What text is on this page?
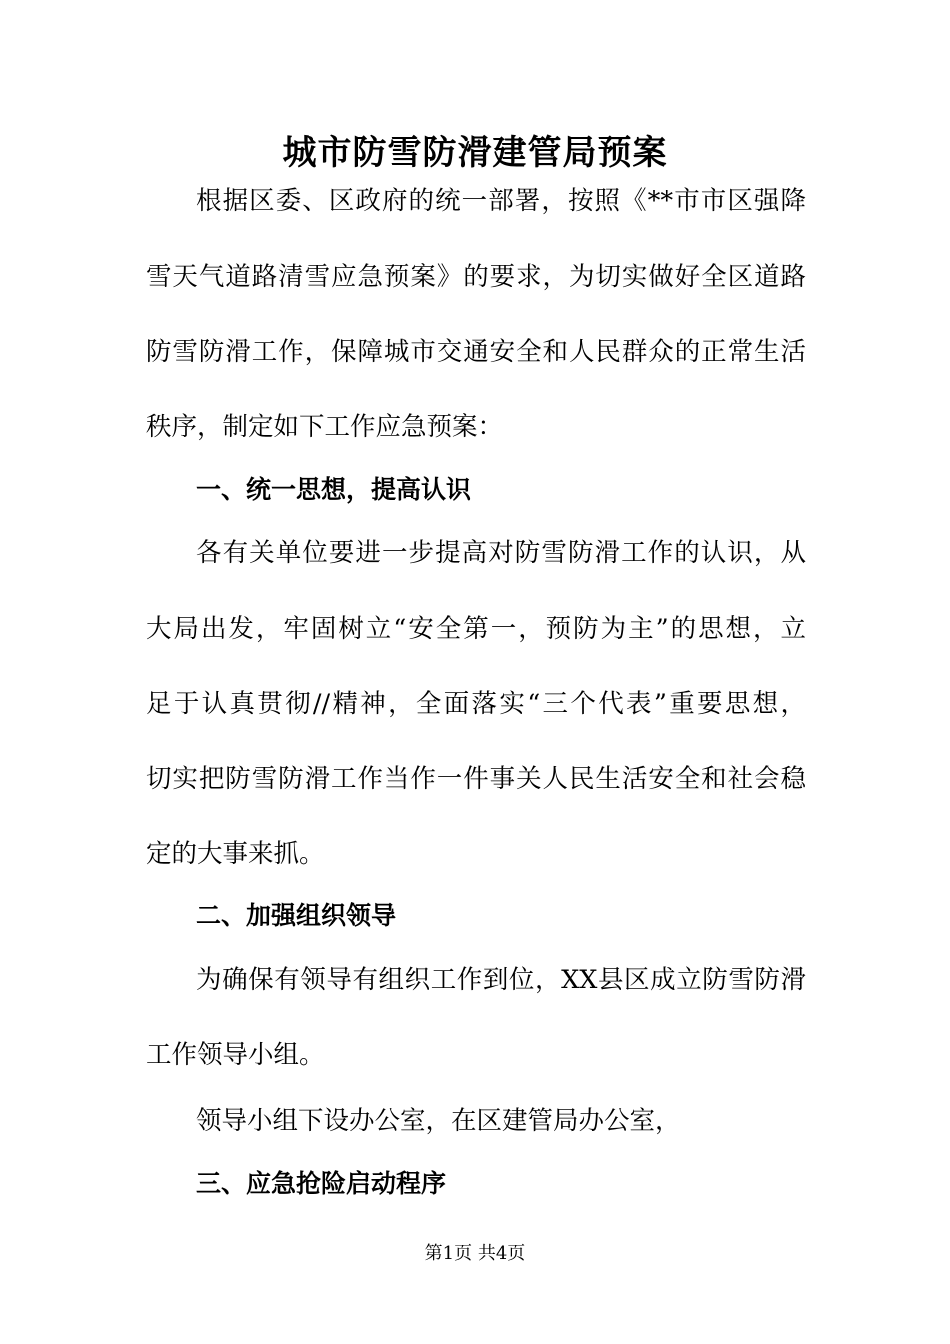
城市防雪防滑建管局预案

根据区委、区政府的统一部署，按照《**市市区强降

雪天气道路清雪应急预案》的要求，为切实做好全区道路

防雪防滑工作，保障城市交通安全和人民群众的正常生活

秩序，制定如下工作应急预案：

一、统一思想，提高认识

各有关单位要进一步提高对防雪防滑工作的认识，从

大局出发，牢固树立“安全第一，预防为主”的思想，立

足于认真贯彻//精神，全面落实“三个代表”重要思想，

切实把防雪防滑工作当作一件事关人民生活安全和社会稳

定的大事来抓。

二、加强组织领导

为确保有领导有组织工作到位，XX县区成立防雪防滑

工作领导小组。

领导小组下设办公室，在区建管局办公室，

三、应急抢险启动程序

第1页 共4页
